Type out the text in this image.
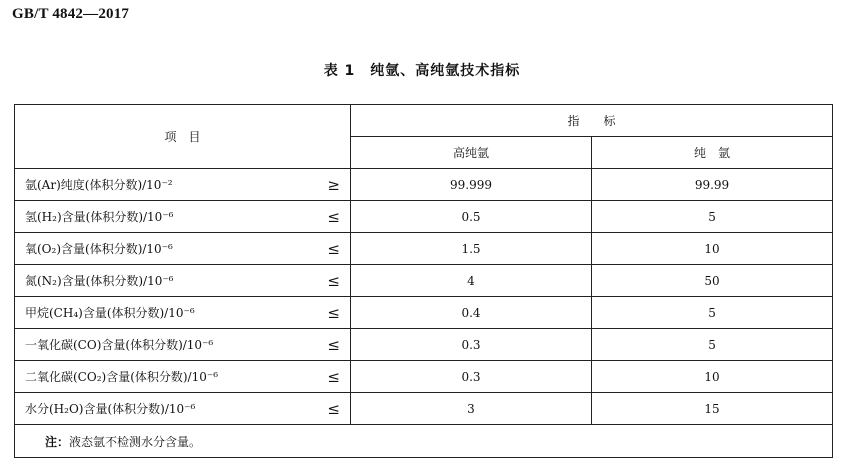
GB/T 4842—2017
表 1　纯氩、高纯氩技术指标
项　目	指　　标	
	高纯氩	纯　氩
氩(Ar)纯度(体积分数)/10⁻² ≥	99.999	99.99
氢(H₂)含量(体积分数)/10⁻⁶ ≤	0.5	5
氧(O₂)含量(体积分数)/10⁻⁶ ≤	1.5	10
氮(N₂)含量(体积分数)/10⁻⁶ ≤	4	50
甲烷(CH₄)含量(体积分数)/10⁻⁶ ≤	0.4	5
一氧化碳(CO)含量(体积分数)/10⁻⁶ ≤	0.3	5
二氧化碳(CO₂)含量(体积分数)/10⁻⁶ ≤	0.3	10
水分(H₂O)含量(体积分数)/10⁻⁶ ≤	3	15
注：液态氩不检测水分含量。		
